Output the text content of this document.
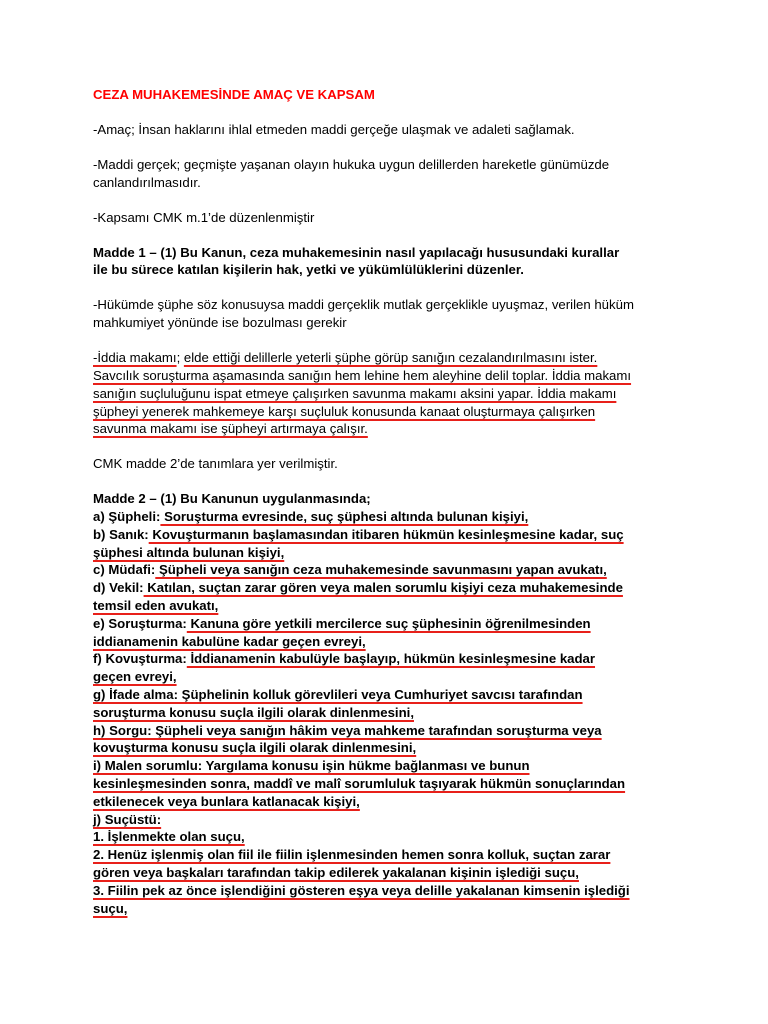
CEZA MUHAKEMESİNDE AMAÇ VE KAPSAM
-Amaç; İnsan haklarını ihlal etmeden maddi gerçeğe ulaşmak ve adaleti sağlamak.
-Maddi gerçek; geçmişte yaşanan olayın hukuka uygun delillerden hareketle günümüzde
canlandırılmasıdır.
-Kapsamı CMK m.1’de düzenlenmiştir
Madde 1 – (1) Bu Kanun, ceza muhakemesinin nasıl yapılacağı hususundaki kurallar
ile bu sürece katılan kişilerin hak, yetki ve yükümlülüklerini düzenler.
-Hükümde şüphe söz konusuysa maddi gerçeklik mutlak gerçeklikle uyuşmaz, verilen hüküm
mahkumiyet yönünde ise bozulması gerekir
-İddia makamı; elde ettiği delillerle yeterli şüphe görüp sanığın cezalandırılmasını ister.
Savcılık soruşturma aşamasında sanığın hem lehine hem aleyhine delil toplar. İddia makamı
sanığın suçluluğunu ispat etmeye çalışırken savunma makamı aksini yapar. İddia makamı
şüpheyi yenerek mahkemeye karşı suçluluk konusunda kanaat oluşturmaya çalışırken
savunma makamı ise şüpheyi artırmaya çalışır.
CMK madde 2’de tanımlara yer verilmiştir.
Madde 2 – (1) Bu Kanunun uygulanmasında;
a) Şüpheli: Soruşturma evresinde, suç şüphesi altında bulunan kişiyi,
b) Sanık: Kovuşturmanın başlamasından itibaren hükmün kesinleşmesine kadar, suç
şüphesi altında bulunan kişiyi,
c) Müdafi: Şüpheli veya sanığın ceza muhakemesinde savunmasını yapan avukatı,
d) Vekil: Katılan, suçtan zarar gören veya malen sorumlu kişiyi ceza muhakemesinde
temsil eden avukatı,
e) Soruşturma: Kanuna göre yetkili mercilerce suç şüphesinin öğrenilmesinden
iddianamenin kabulüne kadar geçen evreyi,
f) Kovuşturma: İddianamenin kabulüyle başlayıp, hükmün kesinleşmesine kadar
geçen evreyi,
g) İfade alma: Şüphelinin kolluk görevlileri veya Cumhuriyet savcısı tarafından
soruşturma konusu suçla ilgili olarak dinlenmesini,
h) Sorgu: Şüpheli veya sanığın hâkim veya mahkeme tarafından soruşturma veya
kovuşturma konusu suçla ilgili olarak dinlenmesini,
i) Malen sorumlu: Yargılama konusu işin hükme bağlanması ve bunun
kesinleşmesinden sonra, maddî ve malî sorumluluk taşıyarak hükmün sonuçlarından
etkilenecek veya bunlara katlanacak kişiyi,
j) Suçüstü:
1. İşlenmekte olan suçu,
2. Henüz işlenmiş olan fiil ile fiilin işlenmesinden hemen sonra kolluk, suçtan zarar
gören veya başkaları tarafından takip edilerek yakalanan kişinin işlediği suçu,
3. Fiilin pek az önce işlendiğini gösteren eşya veya delille yakalanan kimsenin işlediği
suçu,
